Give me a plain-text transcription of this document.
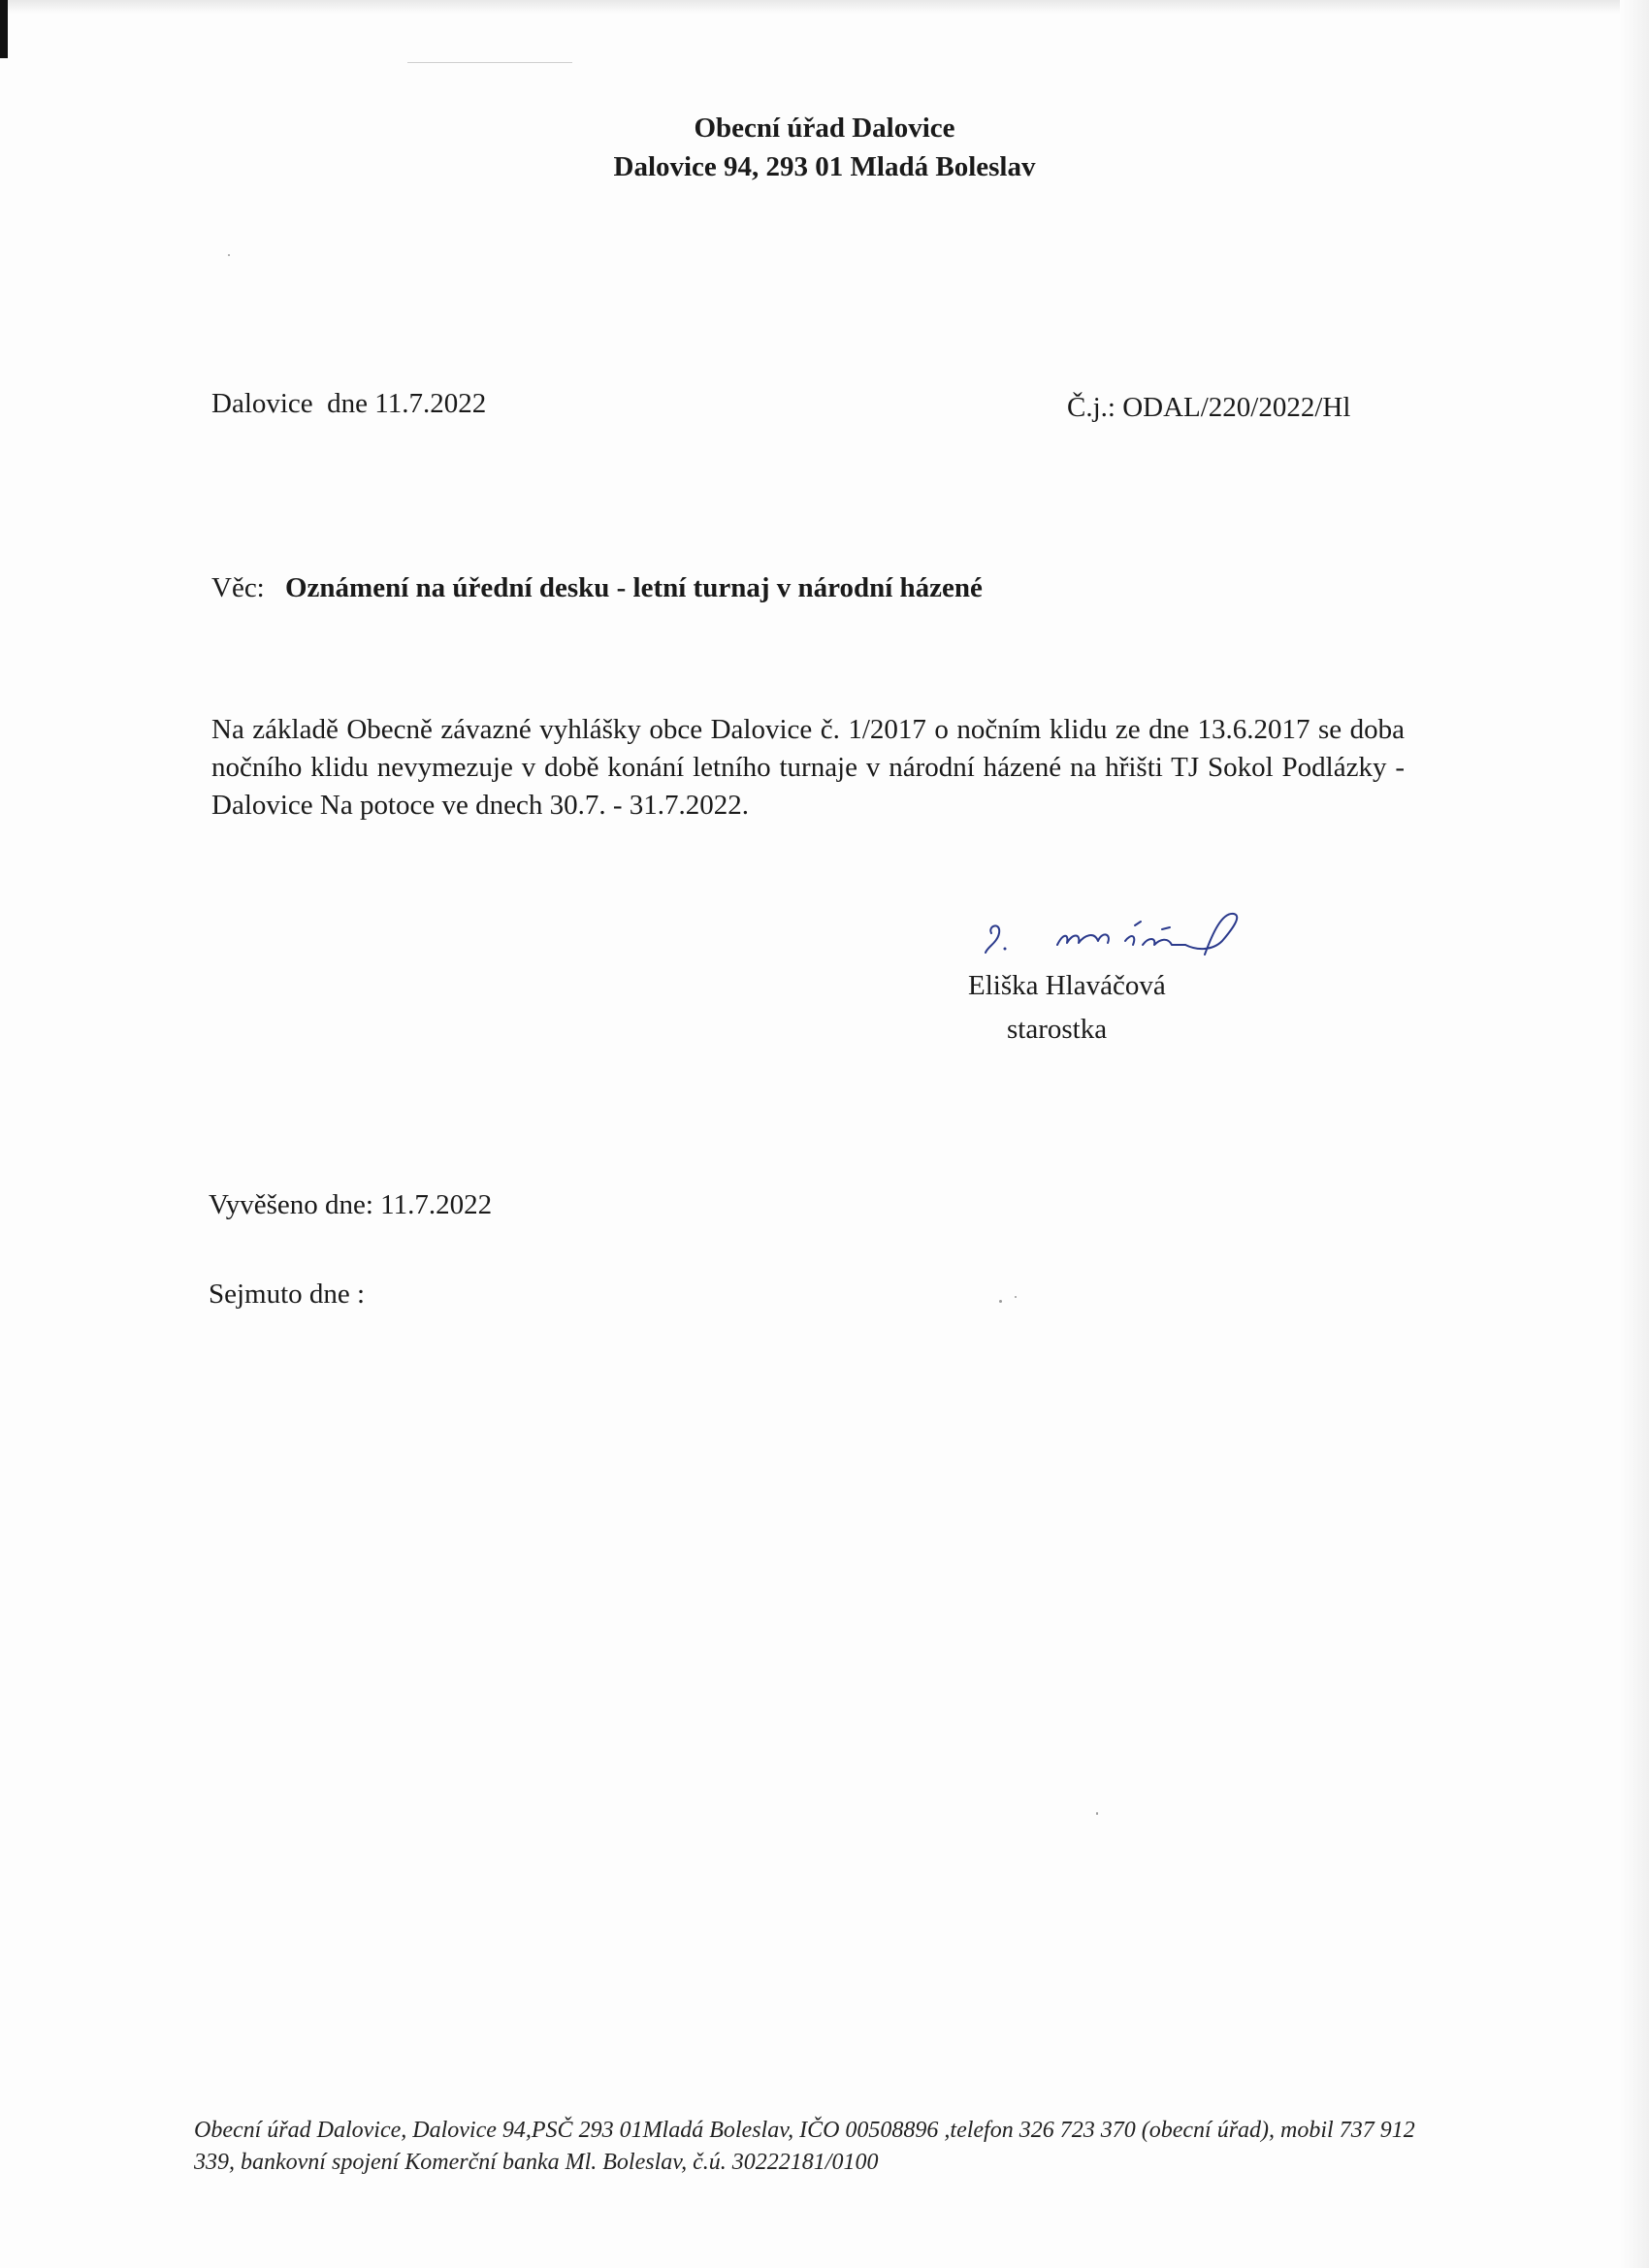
Obecní úřad Dalovice
Dalovice 94, 293 01 Mladá Boleslav
Dalovice  dne 11.7.2022	Č.j.: ODAL/220/2022/Hl
Věc: Oznámení na úřední desku - letní turnaj v národní házené
Na základě Obecně závazné vyhlášky obce Dalovice č. 1/2017 o nočním klidu ze dne 13.6.2017 se doba nočního klidu nevymezuje v době konání letního turnaje v národní házené na hřišti TJ Sokol Podlázky - Dalovice Na potoce ve dnech 30.7. - 31.7.2022.
Eliška Hlaváčová
starostka
Vyvěšeno dne: 11.7.2022
Sejmuto dne :
Obecní úřad Dalovice, Dalovice 94,PSČ 293 01Mladá Boleslav, IČO 00508896 ,telefon 326 723 370 (obecní úřad), mobil 737 912 339, bankovní spojení Komerční banka Ml. Boleslav, č.ú. 30222181/0100
